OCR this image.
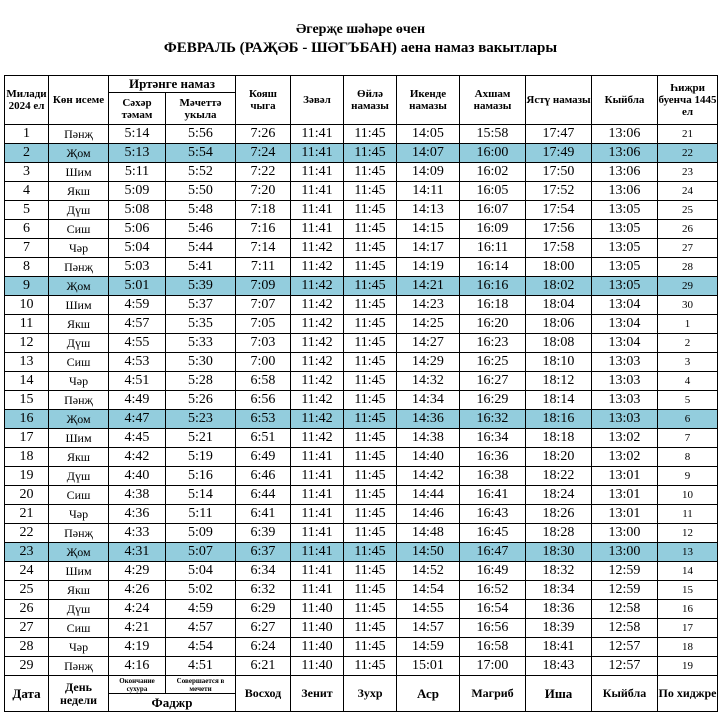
Әгерҗе шәһәре өчен
ФЕВРАЛЬ (РАҖӘБ - ШӘГЪБАН) аена намаз вакытлары
Милади 2024 ел	Көн исеме	Иртәнге намаз		Кояш чыга	Зәвәл	Өйлә намазы	Икенде намазы	Ахшам намазы	Ястү намазы	Кыйбла	Һиҗри буенча 1445 ел
		Сәхәр тәмам	Мәчеттә укыла								
1	Пәнҗ	5:14	5:56	7:26	11:41	11:45	14:05	15:58	17:47	13:06	21
2	Җом	5:13	5:54	7:24	11:41	11:45	14:07	16:00	17:49	13:06	22
3	Шим	5:11	5:52	7:22	11:41	11:45	14:09	16:02	17:50	13:06	23
4	Якш	5:09	5:50	7:20	11:41	11:45	14:11	16:05	17:52	13:06	24
5	Дүш	5:08	5:48	7:18	11:41	11:45	14:13	16:07	17:54	13:05	25
6	Сиш	5:06	5:46	7:16	11:41	11:45	14:15	16:09	17:56	13:05	26
7	Чәр	5:04	5:44	7:14	11:42	11:45	14:17	16:11	17:58	13:05	27
8	Пәнҗ	5:03	5:41	7:11	11:42	11:45	14:19	16:14	18:00	13:05	28
9	Җом	5:01	5:39	7:09	11:42	11:45	14:21	16:16	18:02	13:05	29
10	Шим	4:59	5:37	7:07	11:42	11:45	14:23	16:18	18:04	13:04	30
11	Якш	4:57	5:35	7:05	11:42	11:45	14:25	16:20	18:06	13:04	1
12	Дүш	4:55	5:33	7:03	11:42	11:45	14:27	16:23	18:08	13:04	2
13	Сиш	4:53	5:30	7:00	11:42	11:45	14:29	16:25	18:10	13:03	3
14	Чәр	4:51	5:28	6:58	11:42	11:45	14:32	16:27	18:12	13:03	4
15	Пәнҗ	4:49	5:26	6:56	11:42	11:45	14:34	16:29	18:14	13:03	5
16	Җом	4:47	5:23	6:53	11:42	11:45	14:36	16:32	18:16	13:03	6
17	Шим	4:45	5:21	6:51	11:42	11:45	14:38	16:34	18:18	13:02	7
18	Якш	4:42	5:19	6:49	11:41	11:45	14:40	16:36	18:20	13:02	8
19	Дүш	4:40	5:16	6:46	11:41	11:45	14:42	16:38	18:22	13:01	9
20	Сиш	4:38	5:14	6:44	11:41	11:45	14:44	16:41	18:24	13:01	10
21	Чәр	4:36	5:11	6:41	11:41	11:45	14:46	16:43	18:26	13:01	11
22	Пәнҗ	4:33	5:09	6:39	11:41	11:45	14:48	16:45	18:28	13:00	12
23	Җом	4:31	5:07	6:37	11:41	11:45	14:50	16:47	18:30	13:00	13
24	Шим	4:29	5:04	6:34	11:41	11:45	14:52	16:49	18:32	12:59	14
25	Якш	4:26	5:02	6:32	11:41	11:45	14:54	16:52	18:34	12:59	15
26	Дүш	4:24	4:59	6:29	11:40	11:45	14:55	16:54	18:36	12:58	16
27	Сиш	4:21	4:57	6:27	11:40	11:45	14:57	16:56	18:39	12:58	17
28	Чәр	4:19	4:54	6:24	11:40	11:45	14:59	16:58	18:41	12:57	18
29	Пәнҗ	4:16	4:51	6:21	11:40	11:45	15:01	17:00	18:43	12:57	19
Дата	День недели	Окончание сухура	Совершается в мечети	Восход	Зенит	Зухр	Аср	Магриб	Иша	Кыйбла	По хиджре
		Фаджр									
